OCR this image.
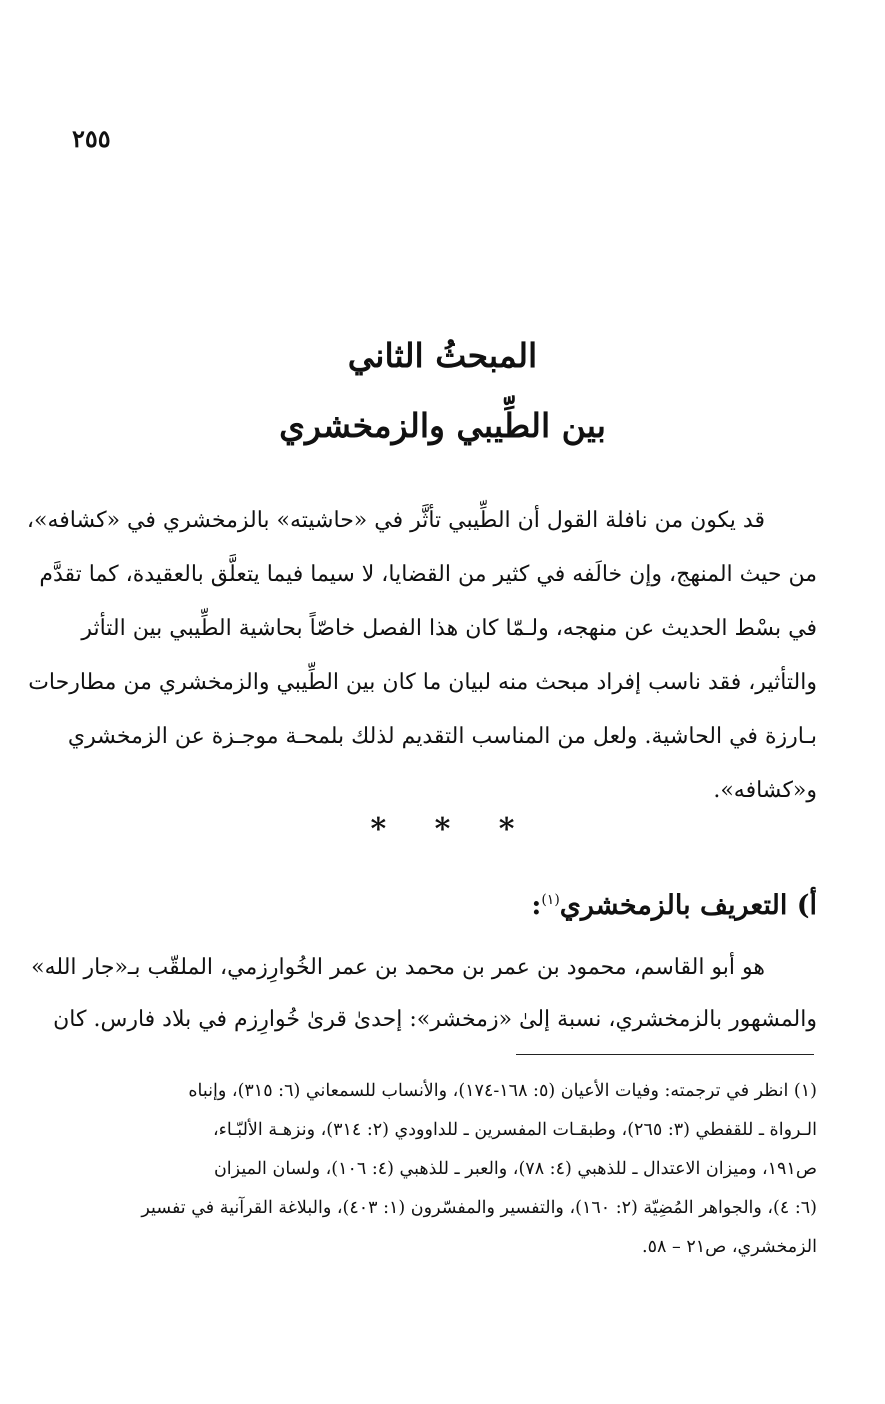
٢٥٥
المبحثُ الثاني
بين الطِّيبي والزمخشري
قد يكون من نافلة القول أن الطِّيبي تأثَّر في «حاشيته» بالزمخشري في «كشافه»،
من حيث المنهج، وإن خالَفه في كثير من القضايا، لا سيما فيما يتعلَّق بالعقيدة، كما تقدَّم
في بسْط الحديث عن منهجه، ولـمّا كان هذا الفصل خاصّاً بحاشية الطِّيبي بين التأثر
والتأثير، فقد ناسب إفراد مبحث منه لبيان ما كان بين الطِّيبي والزمخشري من مطارحات
بـارزة في الحاشية. ولعل من المناسب التقديم لذلك بلمحـة موجـزة عن الزمخشري
و«كشافه».
* * *
أ) التعريف بالزمخشري$^{(١)}$:
هو أبو القاسم، محمود بن عمر بن محمد بن عمر الخُوارِزمي، الملقّب بـ«جار الله»
والمشهور بالزمخشري، نسبة إلىٰ «زمخشر»: إحدىٰ قرىٰ خُوارِزم في بلاد فارس. كان
(١) انظر في ترجمته: وفيات الأعيان (٥: ١٦٨-١٧٤)، والأنساب للسمعاني (٦: ٣١٥)، وإنباه
الـرواة ـ للقفطي (٣: ٢٦٥)، وطبقـات المفسرين ـ للداوودي (٢: ٣١٤)، ونزهـة الألبّـاء،
ص١٩١، وميزان الاعتدال ـ للذهبي (٤: ٧٨)، والعبر ـ للذهبي (٤: ١٠٦)، ولسان الميزان
(٦: ٤)، والجواهر المُضِيّة (٢: ١٦٠)، والتفسير والمفسّرون (١: ٤٠٣)، والبلاغة القرآنية في تفسير
الزمخشري، ص٢١ – ٥٨.
